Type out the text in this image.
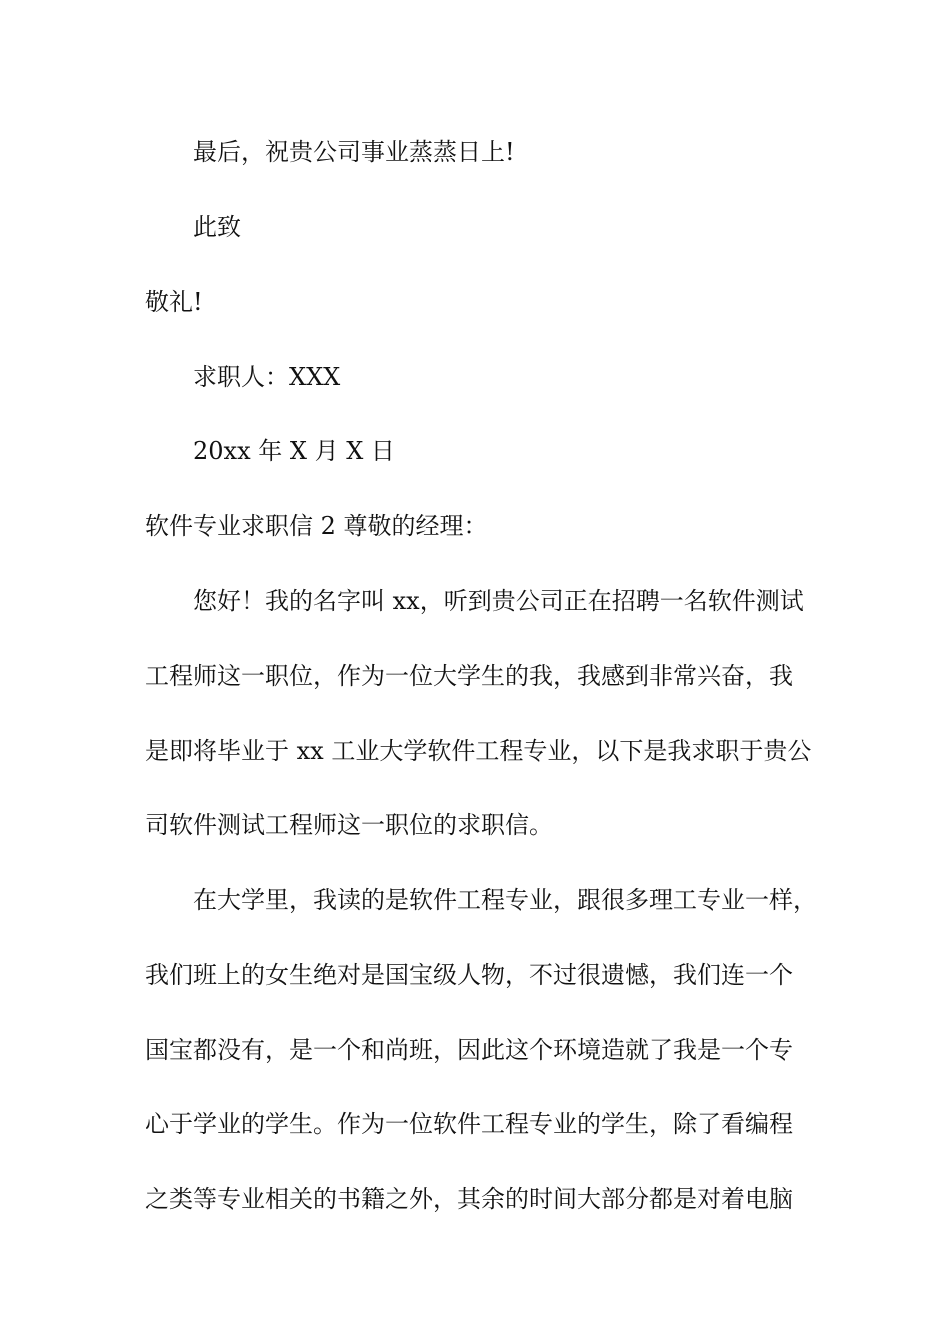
最后，祝贵公司事业蒸蒸日上!

此致

敬礼!

求职人：XXX

20xx 年 X 月 X 日

软件专业求职信 2 尊敬的经理：

您好！我的名字叫 xx，听到贵公司正在招聘一名软件测试

工程师这一职位，作为一位大学生的我，我感到非常兴奋，我

是即将毕业于 xx 工业大学软件工程专业，以下是我求职于贵公

司软件测试工程师这一职位的求职信。

在大学里，我读的是软件工程专业，跟很多理工专业一样，

我们班上的女生绝对是国宝级人物，不过很遗憾，我们连一个

国宝都没有，是一个和尚班，因此这个环境造就了我是一个专

心于学业的学生。作为一位软件工程专业的学生，除了看编程

之类等专业相关的书籍之外，其余的时间大部分都是对着电脑
